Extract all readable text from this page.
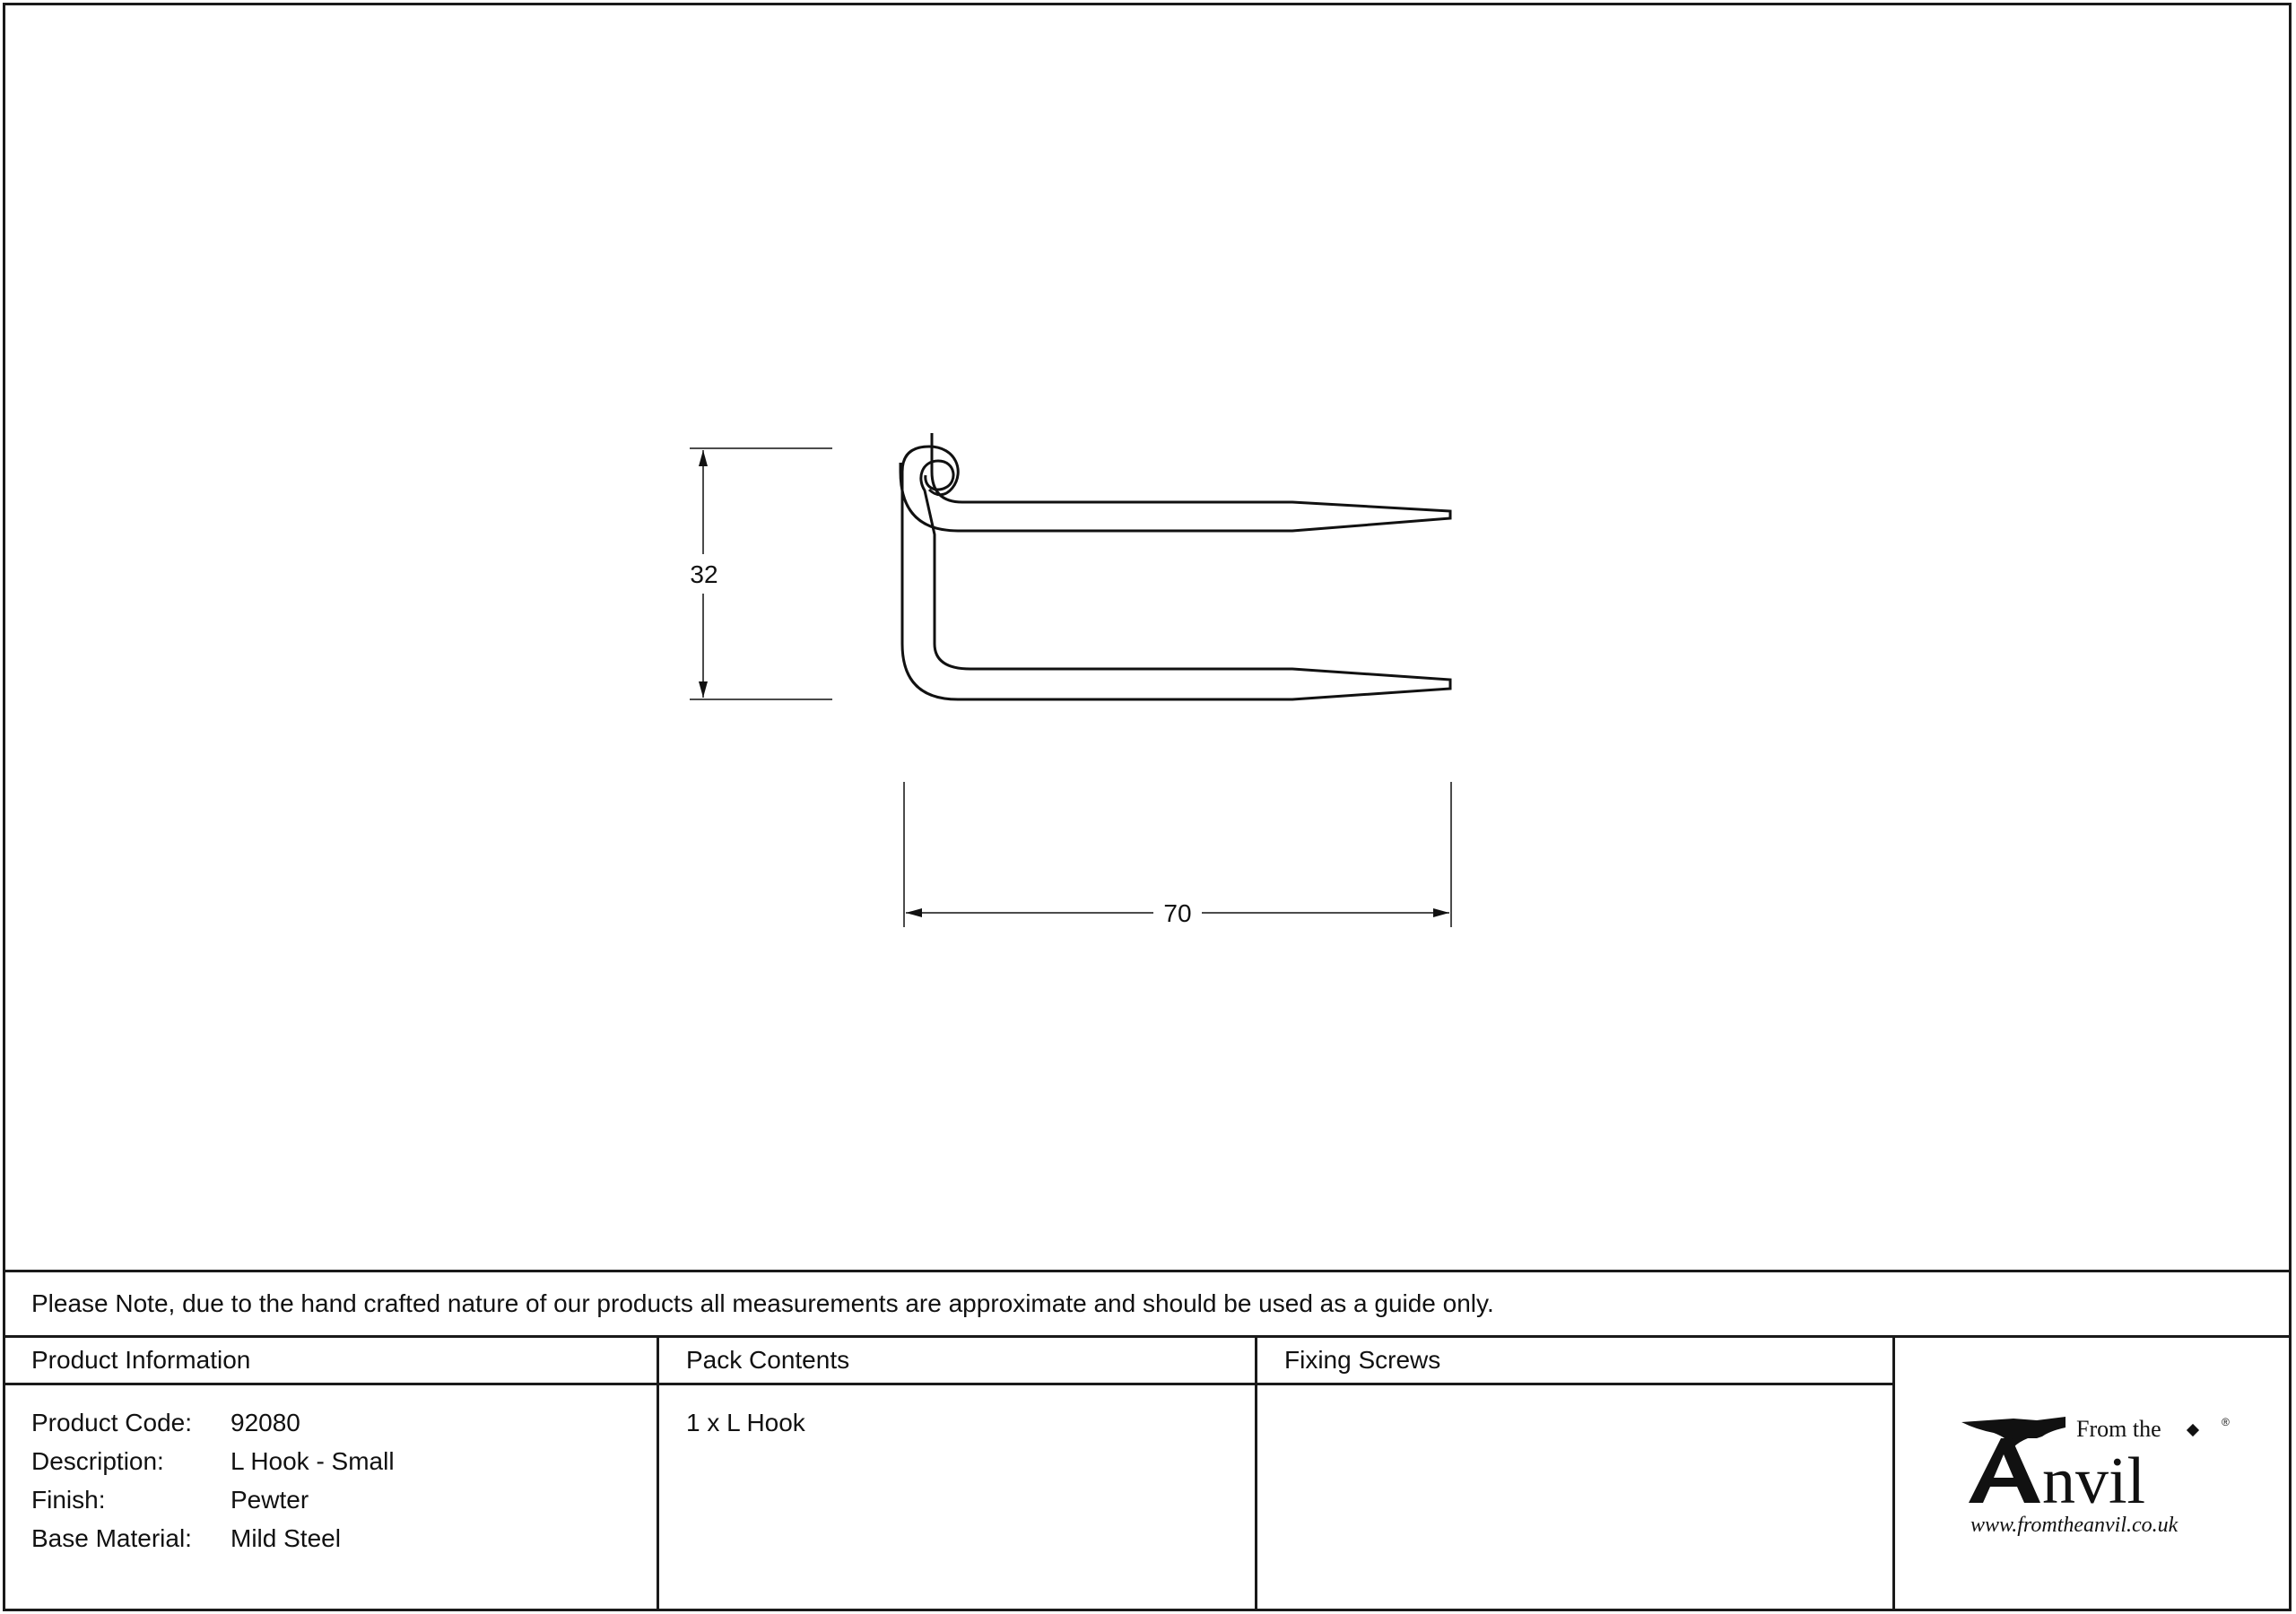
32
70
Please Note, due to the hand crafted nature of our products all measurements are approximate and should be used as a guide only.
Product Information
Product Code:	92080
Description:	L Hook - Small
Finish:	Pewter
Base Material:	Mild Steel
Pack Contents
1 x L Hook
Fixing Screws
nvil
From the	®
www.fromtheanvil.co.uk
